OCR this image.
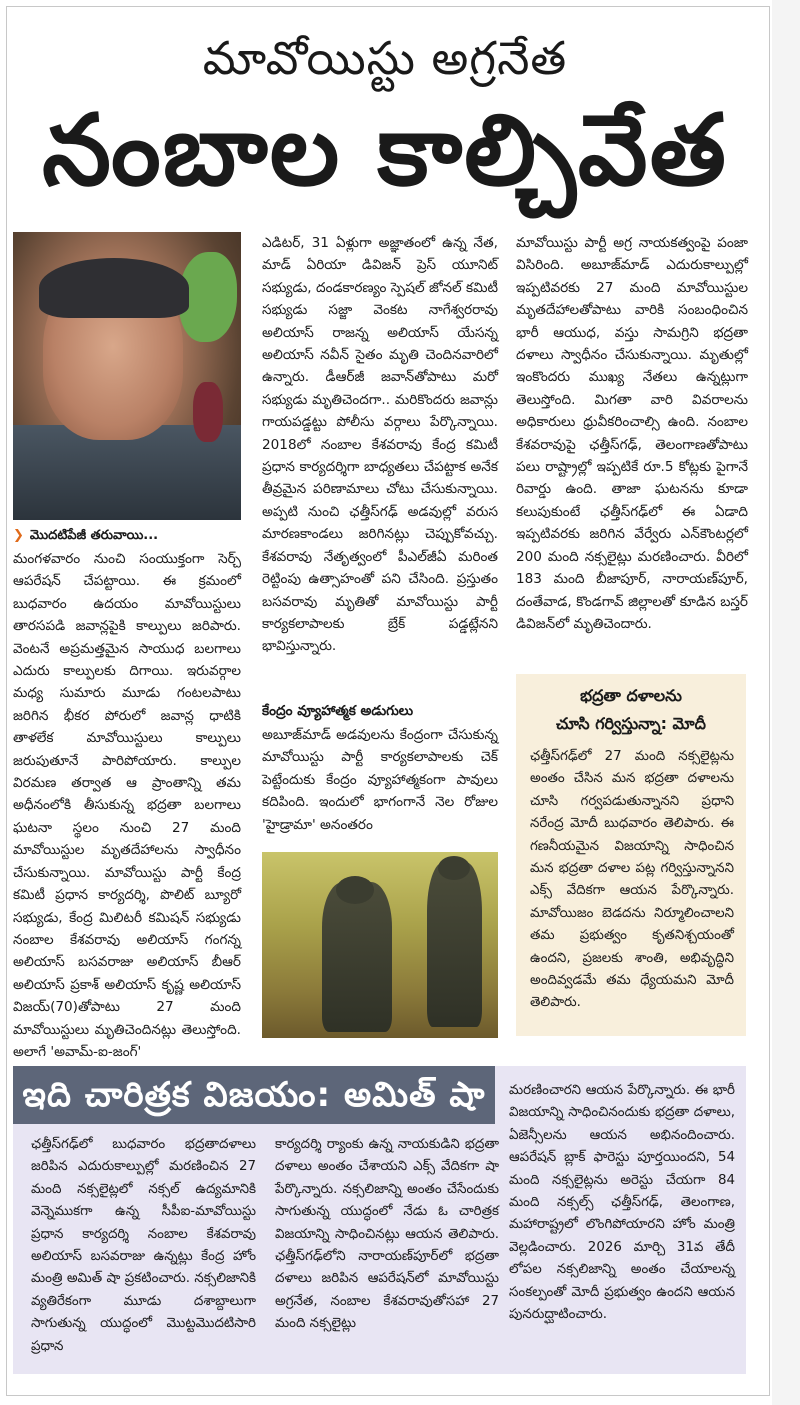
మావోయిస్టు అగ్రనేత
నంబాల కాల్చివేత
❯ మొదటిపేజీ తరువాయి...

మంగళవారం నుంచి సంయుక్తంగా సెర్చ్ ఆపరేషన్ చేపట్టాయి. ఈ క్రమంలో బుధవారం ఉదయం మావోయిస్టులు తారసపడి జవాన్లపైకి కాల్పులు జరిపారు. వెంటనే అప్రమత్తమైన సాయుధ బలగాలు ఎదురు కాల్పులకు దిగాయి. ఇరువర్గాల మధ్య సుమారు మూడు గంటలపాటు జరిగిన భీకర పోరులో జవాన్ల ధాటికి తాళలేక మావోయిస్టులు కాల్పులు జరుపుతూనే పారిపోయారు. కాల్పుల విరమణ తర్వాత ఆ ప్రాంతాన్ని తమ అధీనంలోకి తీసుకున్న భద్రతా బలగాలు ఘటనా స్థలం నుంచి 27 మంది మావోయిస్టుల మృతదేహాలను స్వాధీనం చేసుకున్నాయి. మావోయిస్టు పార్టీ కేంద్ర కమిటీ ప్రధాన కార్యదర్శి, పొలిట్ బ్యూరో సభ్యుడు, కేంద్ర మిలిటరీ కమిషన్ సభ్యుడు నంబాల కేశవరావు అలియాస్ గంగన్న అలియాస్ బసవరాజు అలియాస్ బీఆర్ అలియాస్ ప్రకాశ్ అలియాస్ కృష్ణ అలియాస్ విజయ్(70)తోపాటు 27 మంది మావోయిస్టులు మృతిచెందినట్లు తెలుస్తోంది. అలాగే 'అవామ్-ఐ-జంగ్'

ఎడిటర్, 31 ఏళ్లుగా అజ్ఞాతంలో ఉన్న నేత, మాడ్ ఏరియా డివిజన్ ప్రెస్ యూనిట్ సభ్యుడు, దండకారణ్యం స్పెషల్ జోనల్ కమిటీ సభ్యుడు సజ్జా వెంకట నాగేశ్వరరావు అలియాస్ రాజన్న అలియాస్ యేసన్న అలియాస్ నవీన్ సైతం మృతి చెందినవారిలో ఉన్నారు. డీఆర్‌జీ జవాన్‌తోపాటు మరో సభ్యుడు మృతిచెందగా.. మరికొందరు జవాన్లు గాయపడ్డట్టు పోలీసు వర్గాలు పేర్కొన్నాయి. 2018లో నంబాల కేశవరావు కేంద్ర కమిటీ ప్రధాన కార్యదర్శిగా బాధ్యతలు చేపట్టాక అనేక తీవ్రమైన పరిణామాలు చోటు చేసుకున్నాయి. అప్పటి నుంచి ఛత్తీస్‌గఢ్ అడవుల్లో వరుస మారణకాండలు జరిగినట్లు చెప్పుకోవచ్చు. కేశవరావు నేతృత్వంలో పీఎల్‌జీఏ మరింత రెట్టింపు ఉత్సాహంతో పని చేసింది. ప్రస్తుతం బసవరావు మృతితో మావోయిస్టు పార్టీ కార్యకలాపాలకు బ్రేక్ పడ్డట్లేనని భావిస్తున్నారు.

కేంద్రం వ్యూహాత్మక అడుగులు

అబూజ్‌మాడ్ అడవులను కేంద్రంగా చేసుకున్న మావోయిస్టు పార్టీ కార్యకలాపాలకు చెక్ పెట్టేందుకు కేంద్రం వ్యూహాత్మకంగా పావులు కదిపింది. ఇందులో భాగంగానే నెల రోజుల 'హైడ్రామా' అనంతరం

మావోయిస్టు పార్టీ అగ్ర నాయకత్వంపై పంజా విసిరింది. అబూజ్‌మాడ్ ఎదురుకాల్పుల్లో ఇప్పటివరకు 27 మంది మావోయిస్టుల మృతదేహాలతోపాటు వారికి సంబంధించిన భారీ ఆయుధ, వస్తు సామగ్రిని భద్రతా దళాలు స్వాధీనం చేసుకున్నాయి. మృతుల్లో ఇంకొందరు ముఖ్య నేతలు ఉన్నట్లుగా తెలుస్తోంది. మిగతా వారి వివరాలను అధికారులు ధ్రువీకరించాల్సి ఉంది. నంబాల కేశవరావుపై ఛత్తీస్‌గఢ్, తెలంగాణతోపాటు పలు రాష్ట్రాల్లో ఇప్పటికే రూ.5 కోట్లకు పైగానే రివార్డు ఉంది. తాజా ఘటనను కూడా కలుపుకుంటే ఛత్తీస్‌గఢ్‌లో ఈ ఏడాది ఇప్పటివరకు జరిగిన వేర్వేరు ఎన్‌కౌంటర్లలో 200 మంది నక్సలైట్లు మరణించారు. వీరిలో 183 మంది బీజాపూర్, నారాయణ్‌పూర్, దంతేవాడ, కొండగావ్ జిల్లాలతో కూడిన బస్తర్ డివిజన్‌లో మృతిచెందారు.

భద్రతా దళాలను
చూసి గర్విస్తున్నా: మోదీ
ఛత్తీస్‌గఢ్‌లో 27 మంది నక్సలైట్లను అంతం చేసిన మన భద్రతా దళాలను చూసి గర్వపడుతున్నానని ప్రధాని నరేంద్ర మోదీ బుధవారం తెలిపారు. ఈ గణనీయమైన విజయాన్ని సాధించిన మన భద్రతా దళాల పట్ల గర్విస్తున్నానని ఎక్స్ వేదికగా ఆయన పేర్కొన్నారు. మావోయిజం బెడదను నిర్మూలించాలని తమ ప్రభుత్వం కృతనిశ్చయంతో ఉందని, ప్రజలకు శాంతి, అభివృద్ధిని అందివ్వడమే తమ ధ్యేయమని మోదీ తెలిపారు.
ఇది చారిత్రక విజయం: అమిత్ షా
ఛత్తీస్‌గఢ్‌లో బుధవారం భద్రతాదళాలు జరిపిన ఎదురుకాల్పుల్లో మరణించిన 27 మంది నక్సలైట్లలో నక్సల్ ఉద్యమానికి వెన్నెముకగా ఉన్న సీపీఐ-మావోయిస్టు ప్రధాన కార్యదర్శి నంబాల కేశవరావు అలియాస్ బసవరాజు ఉన్నట్లు కేంద్ర హోం మంత్రి అమిత్ షా ప్రకటించారు. నక్సలిజానికి వ్యతిరేకంగా మూడు దశాబ్దాలుగా సాగుతున్న యుద్ధంలో మొట్టమొదటిసారి ప్రధాన
కార్యదర్శి ర్యాంకు ఉన్న నాయకుడిని భద్రతా దళాలు అంతం చేశాయని ఎక్స్ వేదికగా షా పేర్కొన్నారు. నక్సలిజాన్ని అంతం చేసేందుకు సాగుతున్న యుద్ధంలో నేడు ఓ చారిత్రక విజయాన్ని సాధించినట్లు ఆయన తెలిపారు. ఛత్తీస్‌గఢ్‌లోని నారాయణ్‌పూర్‌లో భద్రతా దళాలు జరిపిన ఆపరేషన్‌లో మావోయిస్టు అగ్రనేత, నంబాల కేశవరావుతోసహా 27 మంది నక్సలైట్లు
మరణించారని ఆయన పేర్కొన్నారు. ఈ భారీ విజయాన్ని సాధించినందుకు భద్రతా దళాలు, ఏజెన్సీలను ఆయన అభినందించారు. ఆపరేషన్ బ్లాక్ ఫారెస్టు పూర్తయిందని, 54 మంది నక్సలైట్లను అరెస్టు చేయగా 84 మంది నక్సల్స్ ఛత్తీస్‌గఢ్, తెలంగాణ, మహారాష్ట్రలో లొంగిపోయారని హోం మంత్రి వెల్లడించారు. 2026 మార్చి 31వ తేదీ లోపల నక్సలిజాన్ని అంతం చేయాలన్న సంకల్పంతో మోదీ ప్రభుత్వం ఉందని ఆయన పునరుద్ఘాటించారు.
